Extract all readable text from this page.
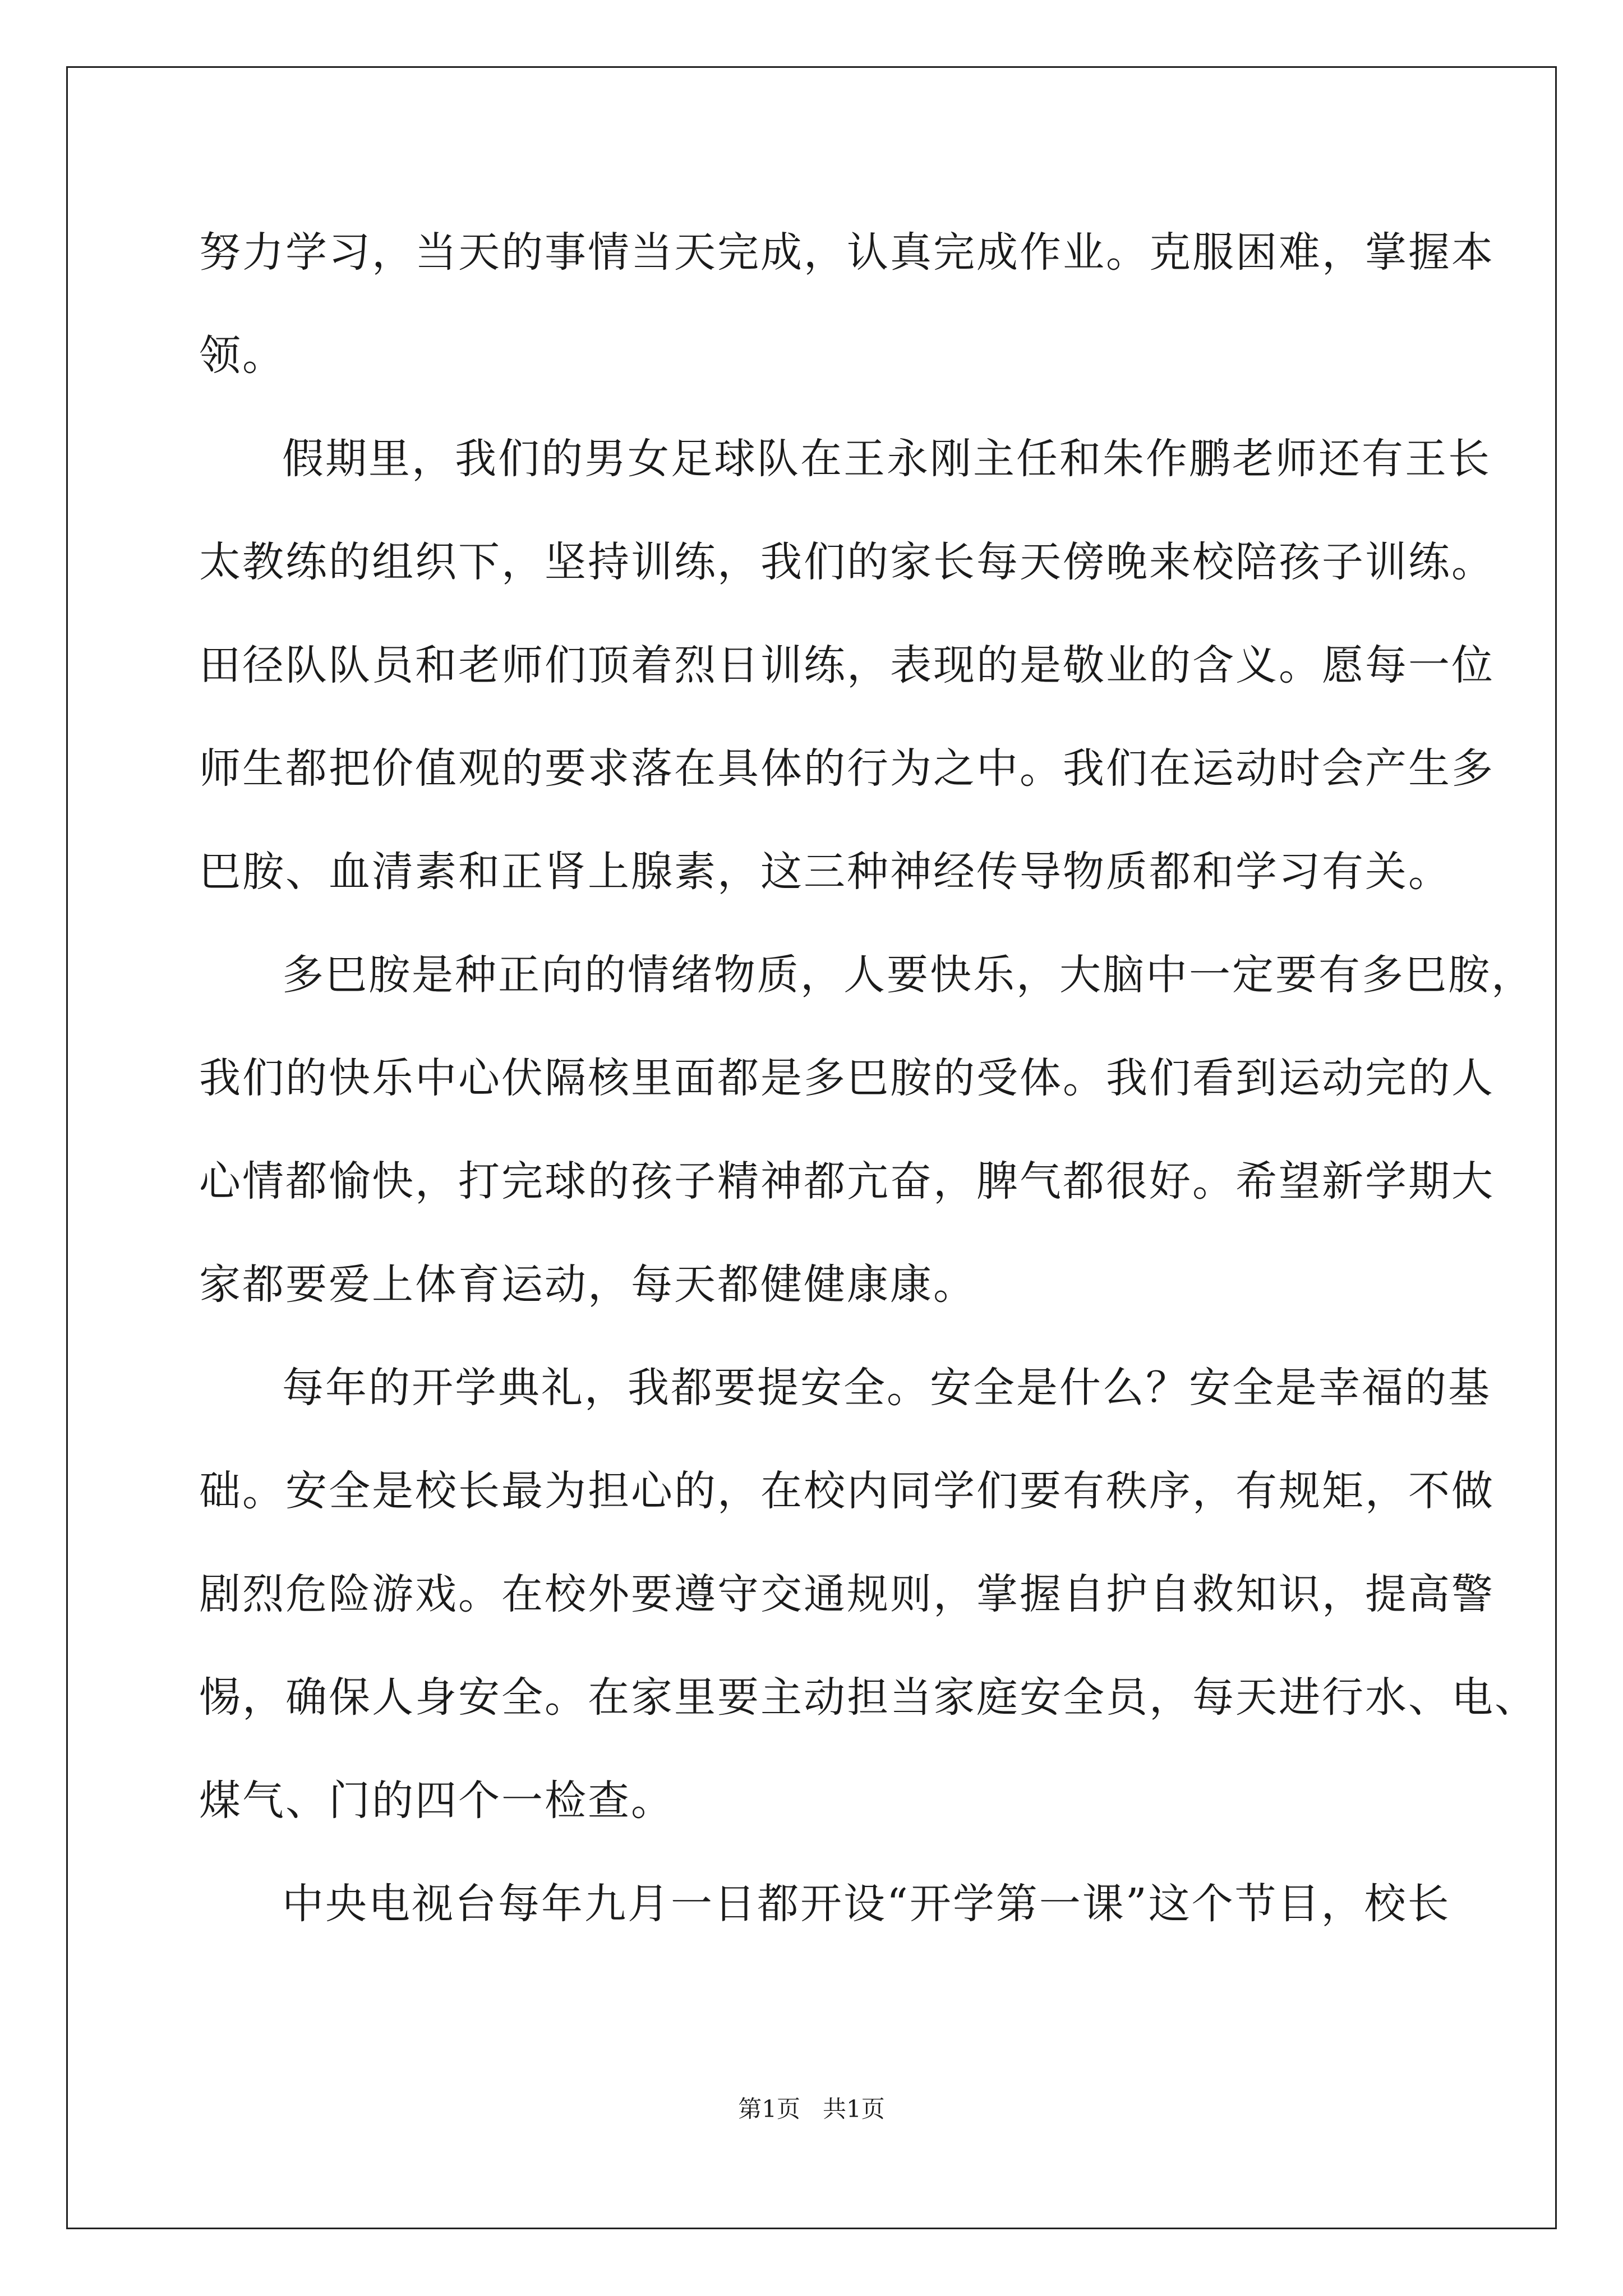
努力学习，当天的事情当天完成，认真完成作业。克服困难，掌握本
领。
假期里，我们的男女足球队在王永刚主任和朱作鹏老师还有王长
太教练的组织下，坚持训练，我们的家长每天傍晚来校陪孩子训练。
田径队队员和老师们顶着烈日训练，表现的是敬业的含义。愿每一位
师生都把价值观的要求落在具体的行为之中。我们在运动时会产生多
巴胺、血清素和正肾上腺素，这三种神经传导物质都和学习有关。
多巴胺是种正向的情绪物质，人要快乐，大脑中一定要有多巴胺，
我们的快乐中心伏隔核里面都是多巴胺的受体。我们看到运动完的人
心情都愉快，打完球的孩子精神都亢奋，脾气都很好。希望新学期大
家都要爱上体育运动，每天都健健康康。
每年的开学典礼，我都要提安全。安全是什么？安全是幸福的基
础。安全是校长最为担心的，在校内同学们要有秩序，有规矩，不做
剧烈危险游戏。在校外要遵守交通规则，掌握自护自救知识，提高警
惕，确保人身安全。在家里要主动担当家庭安全员，每天进行水、电、
煤气、门的四个一检查。
中央电视台每年九月一日都开设“开学第一课”这个节目，校长
第1页   共1页
